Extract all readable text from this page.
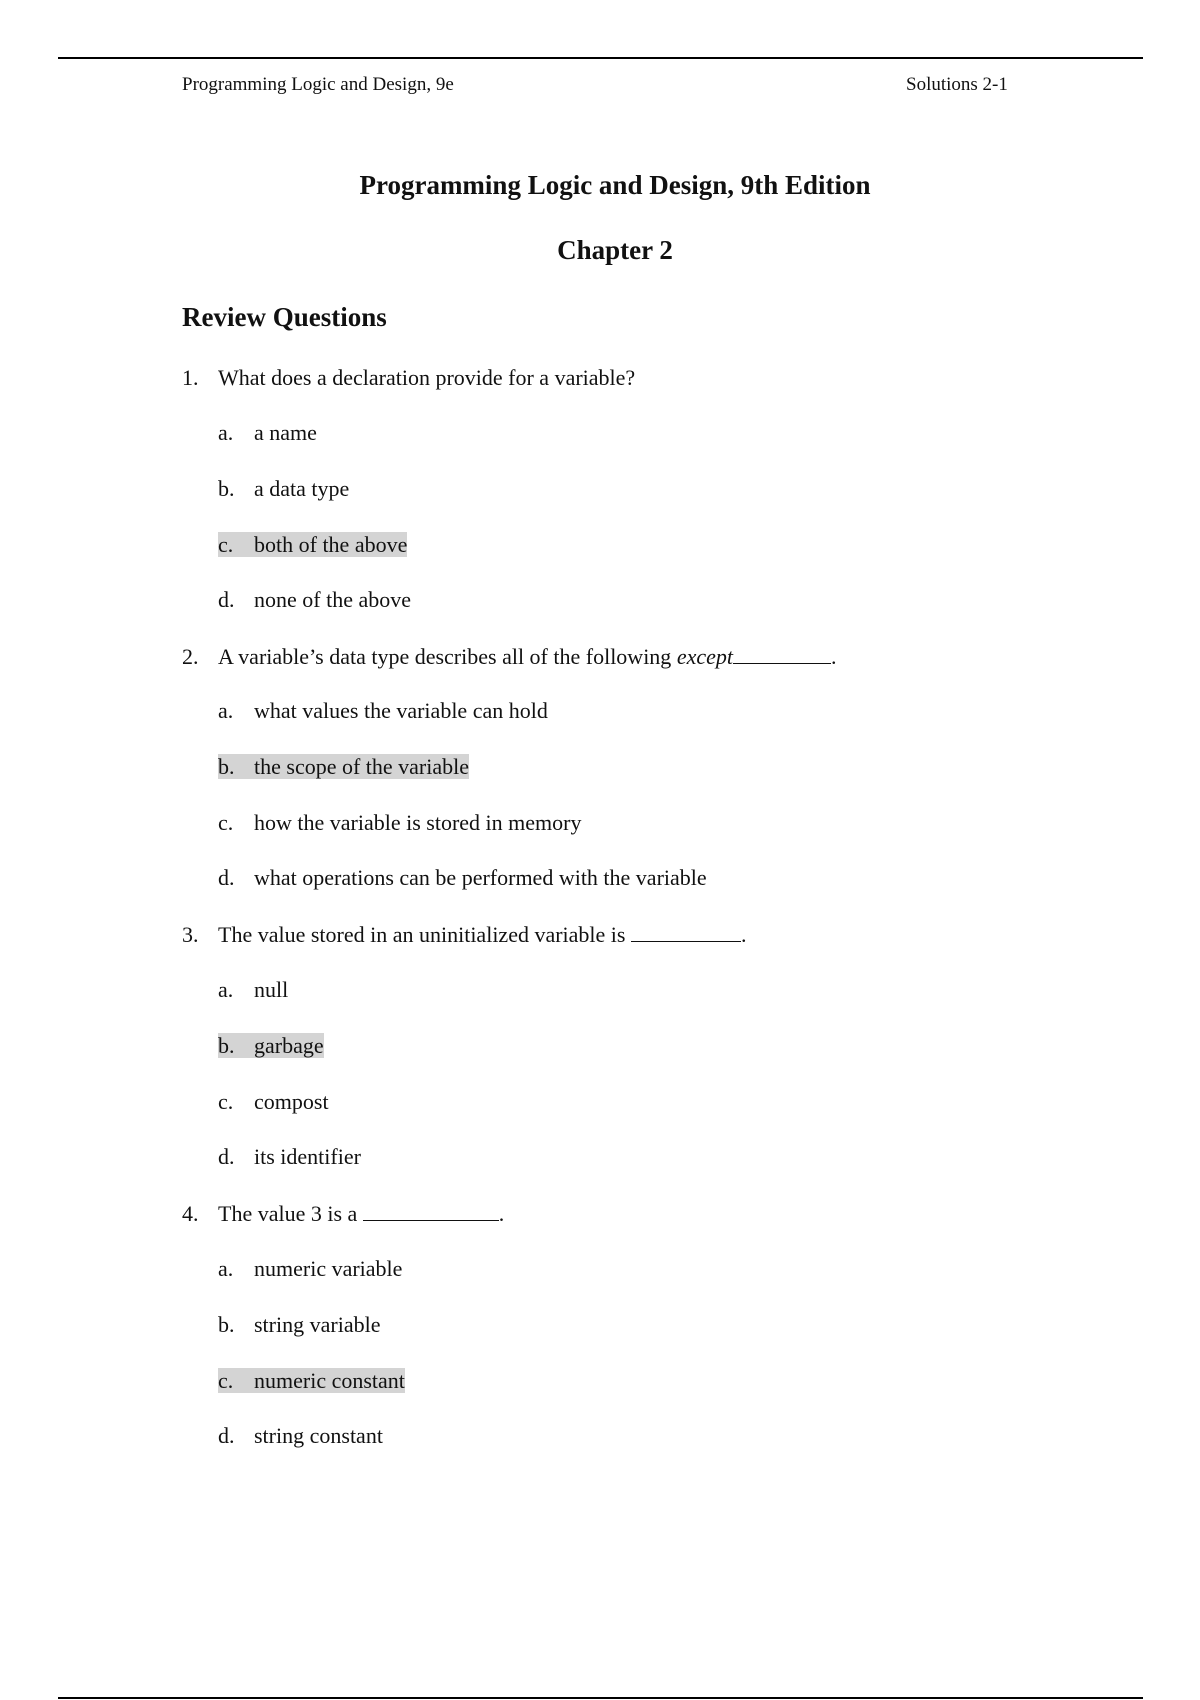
Programming Logic and Design, 9e	Solutions 2-1
Programming Logic and Design, 9th Edition
Chapter 2
Review Questions
1. What does a declaration provide for a variable?
a. a name
b. a data type
c. both of the above
d. none of the above
2. A variable’s data type describes all of the following except	.
a. what values the variable can hold
b. the scope of the variable
c. how the variable is stored in memory
d. what operations can be performed with the variable
3. The value stored in an uninitialized variable is	.
a. null
b. garbage
c. compost
d. its identifier
4. The value 3 is a	.
a. numeric variable
b. string variable
c. numeric constant
d. string constant
